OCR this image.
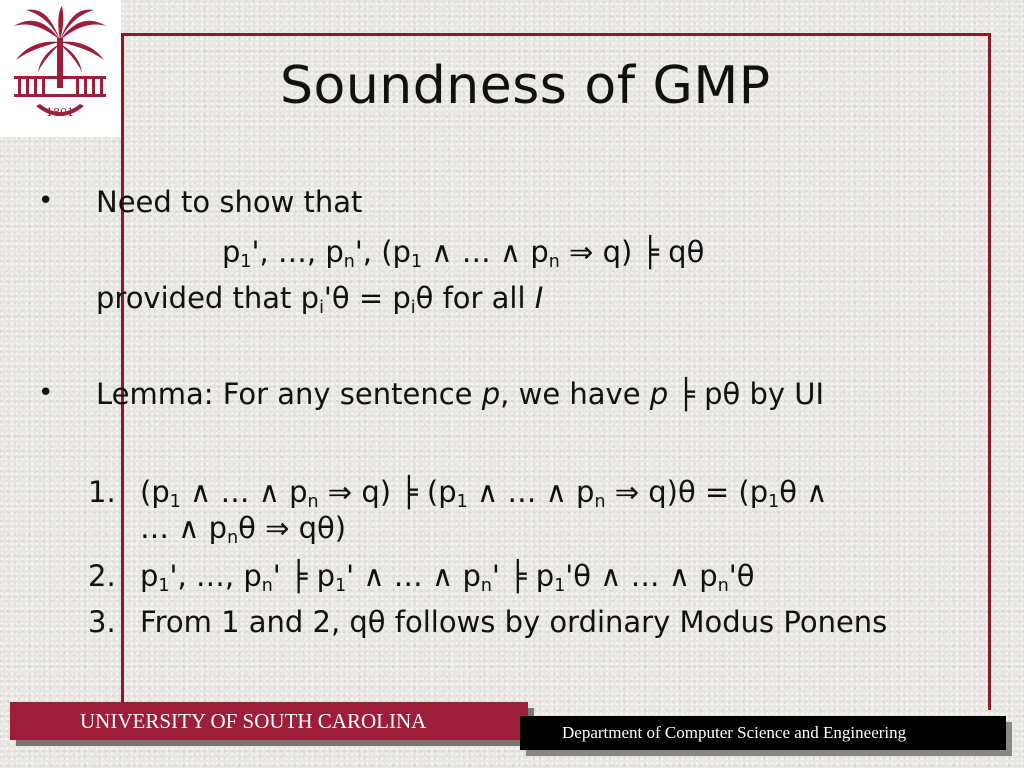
1801	Soundness of GMP
• Need to show that
$p_1'$, …, $p_n'$, ($p_1$ ∧ … ∧ $p_n$ ⇒ q) ╞ qθ
provided that $p_i'\theta = p_i\theta$ for all I
• Lemma: For any sentence p, we have p ╞ pθ by UI
1. ($p_1$ ∧ … ∧ $p_n$ ⇒ q) ╞ ($p_1$ ∧ … ∧ $p_n$ ⇒ $q)\theta = (p_1\theta$ ∧
… ∧ $p_n\theta$ ⇒ qθ)
2. $p_1'$, …, $p_n'$ ╞ $p_1'$ ∧ … ∧ $p_n'$ ╞ $p_1'\theta$ ∧ … ∧ $p_n'\theta$
3. From 1 and 2, qθ follows by ordinary Modus Ponens
UNIVERSITY OF SOUTH CAROLINA	Department of Computer Science and Engineering
